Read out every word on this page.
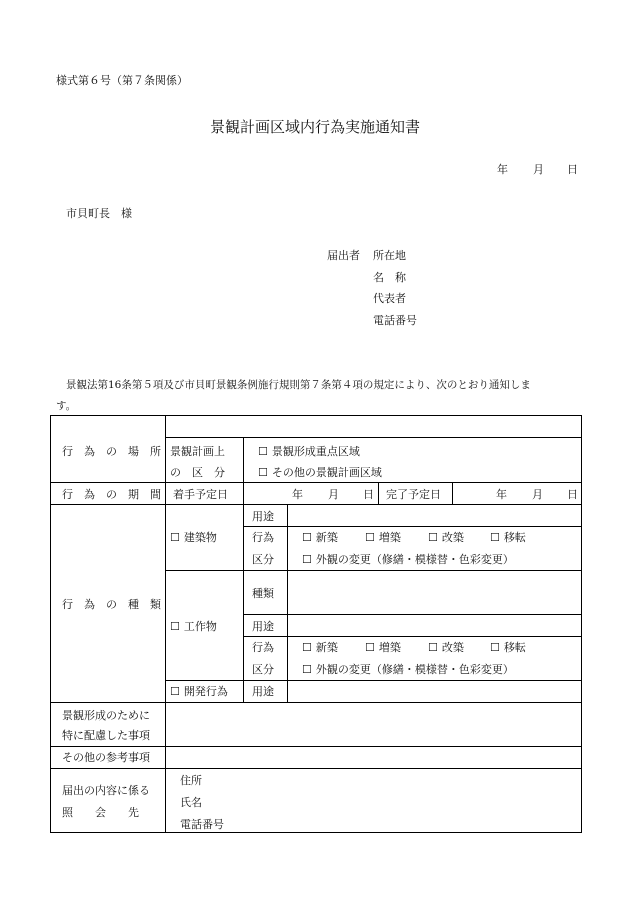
様式第６号（第７条関係）
景観計画区域内行為実施通知書
年 月 日
市貝町長　様
届出者 所在地
名　称
代表者
電話番号
景観法第16条第５項及び市貝町景観条例施行規則第７条第４項の規定により、次のとおり通知しま
す。
行　為　の　場　所 景観計画上
の　区　分
☐ 景観形成重点区域
☐ その他の景観計画区域
行　為　の　期　間 着手予定日	年 月 日 完了予定日	年 月 日
行　為　の　種　類
☐ 建築物
用途
行為
区分
☐ 新築 ☐ 増築 ☐ 改築 ☐ 移転
☐ 外観の変更（修繕・模様替・色彩変更）
☐ 工作物
種類
用途
行為
区分
☐ 新築 ☐ 増築 ☐ 改築 ☐ 移転
☐ 外観の変更（修繕・模様替・色彩変更）
☐ 開発行為 用途
景観形成のために
特に配慮した事項
その他の参考事項
届出の内容に係る
照　　会　　先
住所
氏名
電話番号
